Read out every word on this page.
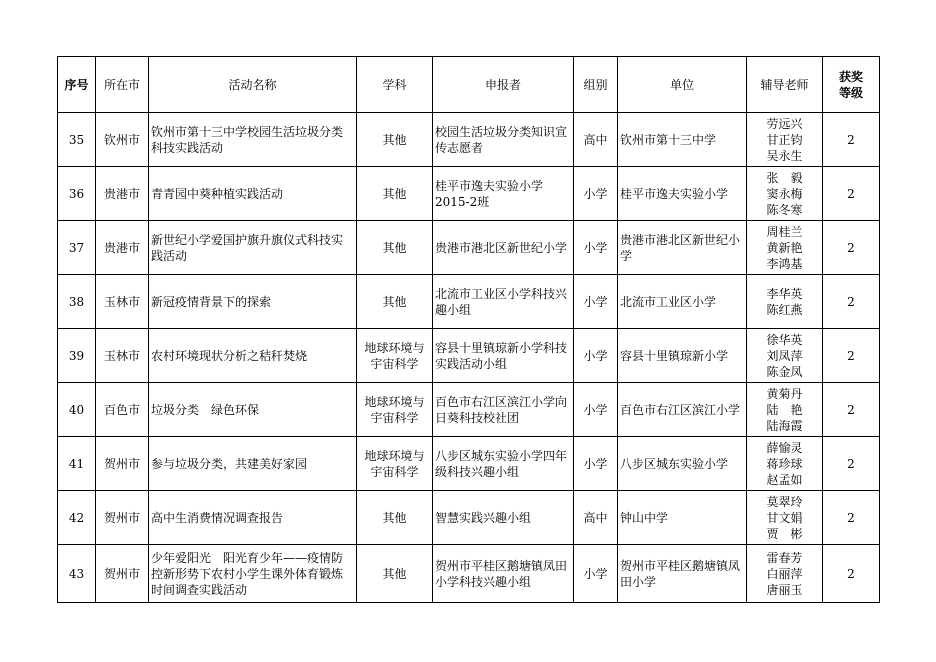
序号	所在市	活动名称	学科	申报者	组别	单位	辅导老师	获奖
等级
35	钦州市	钦州市第十三中学校园生活垃圾分类科技实践活动	其他	校园生活垃圾分类知识宣传志愿者	高中	钦州市第十三中学	劳远兴
甘正钧
吴永生	2
36	贵港市	青青园中葵种植实践活动	其他	桂平市逸夫实验小学2015-2班	小学	桂平市逸夫实验小学	张　毅
窦永梅
陈冬寒	2
37	贵港市	新世纪小学爱国护旗升旗仪式科技实践活动	其他	贵港市港北区新世纪小学	小学	贵港市港北区新世纪小学	周桂兰
黄新艳
李鸿基	2
38	玉林市	新冠疫情背景下的探索	其他	北流市工业区小学科技兴趣小组	小学	北流市工业区小学	李华英
陈红燕	2
39	玉林市	农村环境现状分析之秸秆焚烧	地球环境与宇宙科学	容县十里镇琼新小学科技实践活动小组	小学	容县十里镇琼新小学	徐华英
刘凤萍
陈金凤	2
40	百色市	垃圾分类　绿色环保	地球环境与宇宙科学	百色市右江区滨江小学向日葵科技校社团	小学	百色市右江区滨江小学	黄菊丹
陆　艳
陆海霞	2
41	贺州市	参与垃圾分类，共建美好家园	地球环境与宇宙科学	八步区城东实验小学四年级科技兴趣小组	小学	八步区城东实验小学	薛愉灵
蒋珍球
赵孟如	2
42	贺州市	高中生消费情况调查报告	其他	智慧实践兴趣小组	高中	钟山中学	莫翠玲
甘文娟
贾　彬	2
43	贺州市	少年爱阳光　阳光育少年——疫情防控新形势下农村小学生课外体育锻炼时间调查实践活动	其他	贺州市平桂区鹅塘镇凤田小学科技兴趣小组	小学	贺州市平桂区鹅塘镇凤田小学	雷春芳
白丽萍
唐丽玉	2
